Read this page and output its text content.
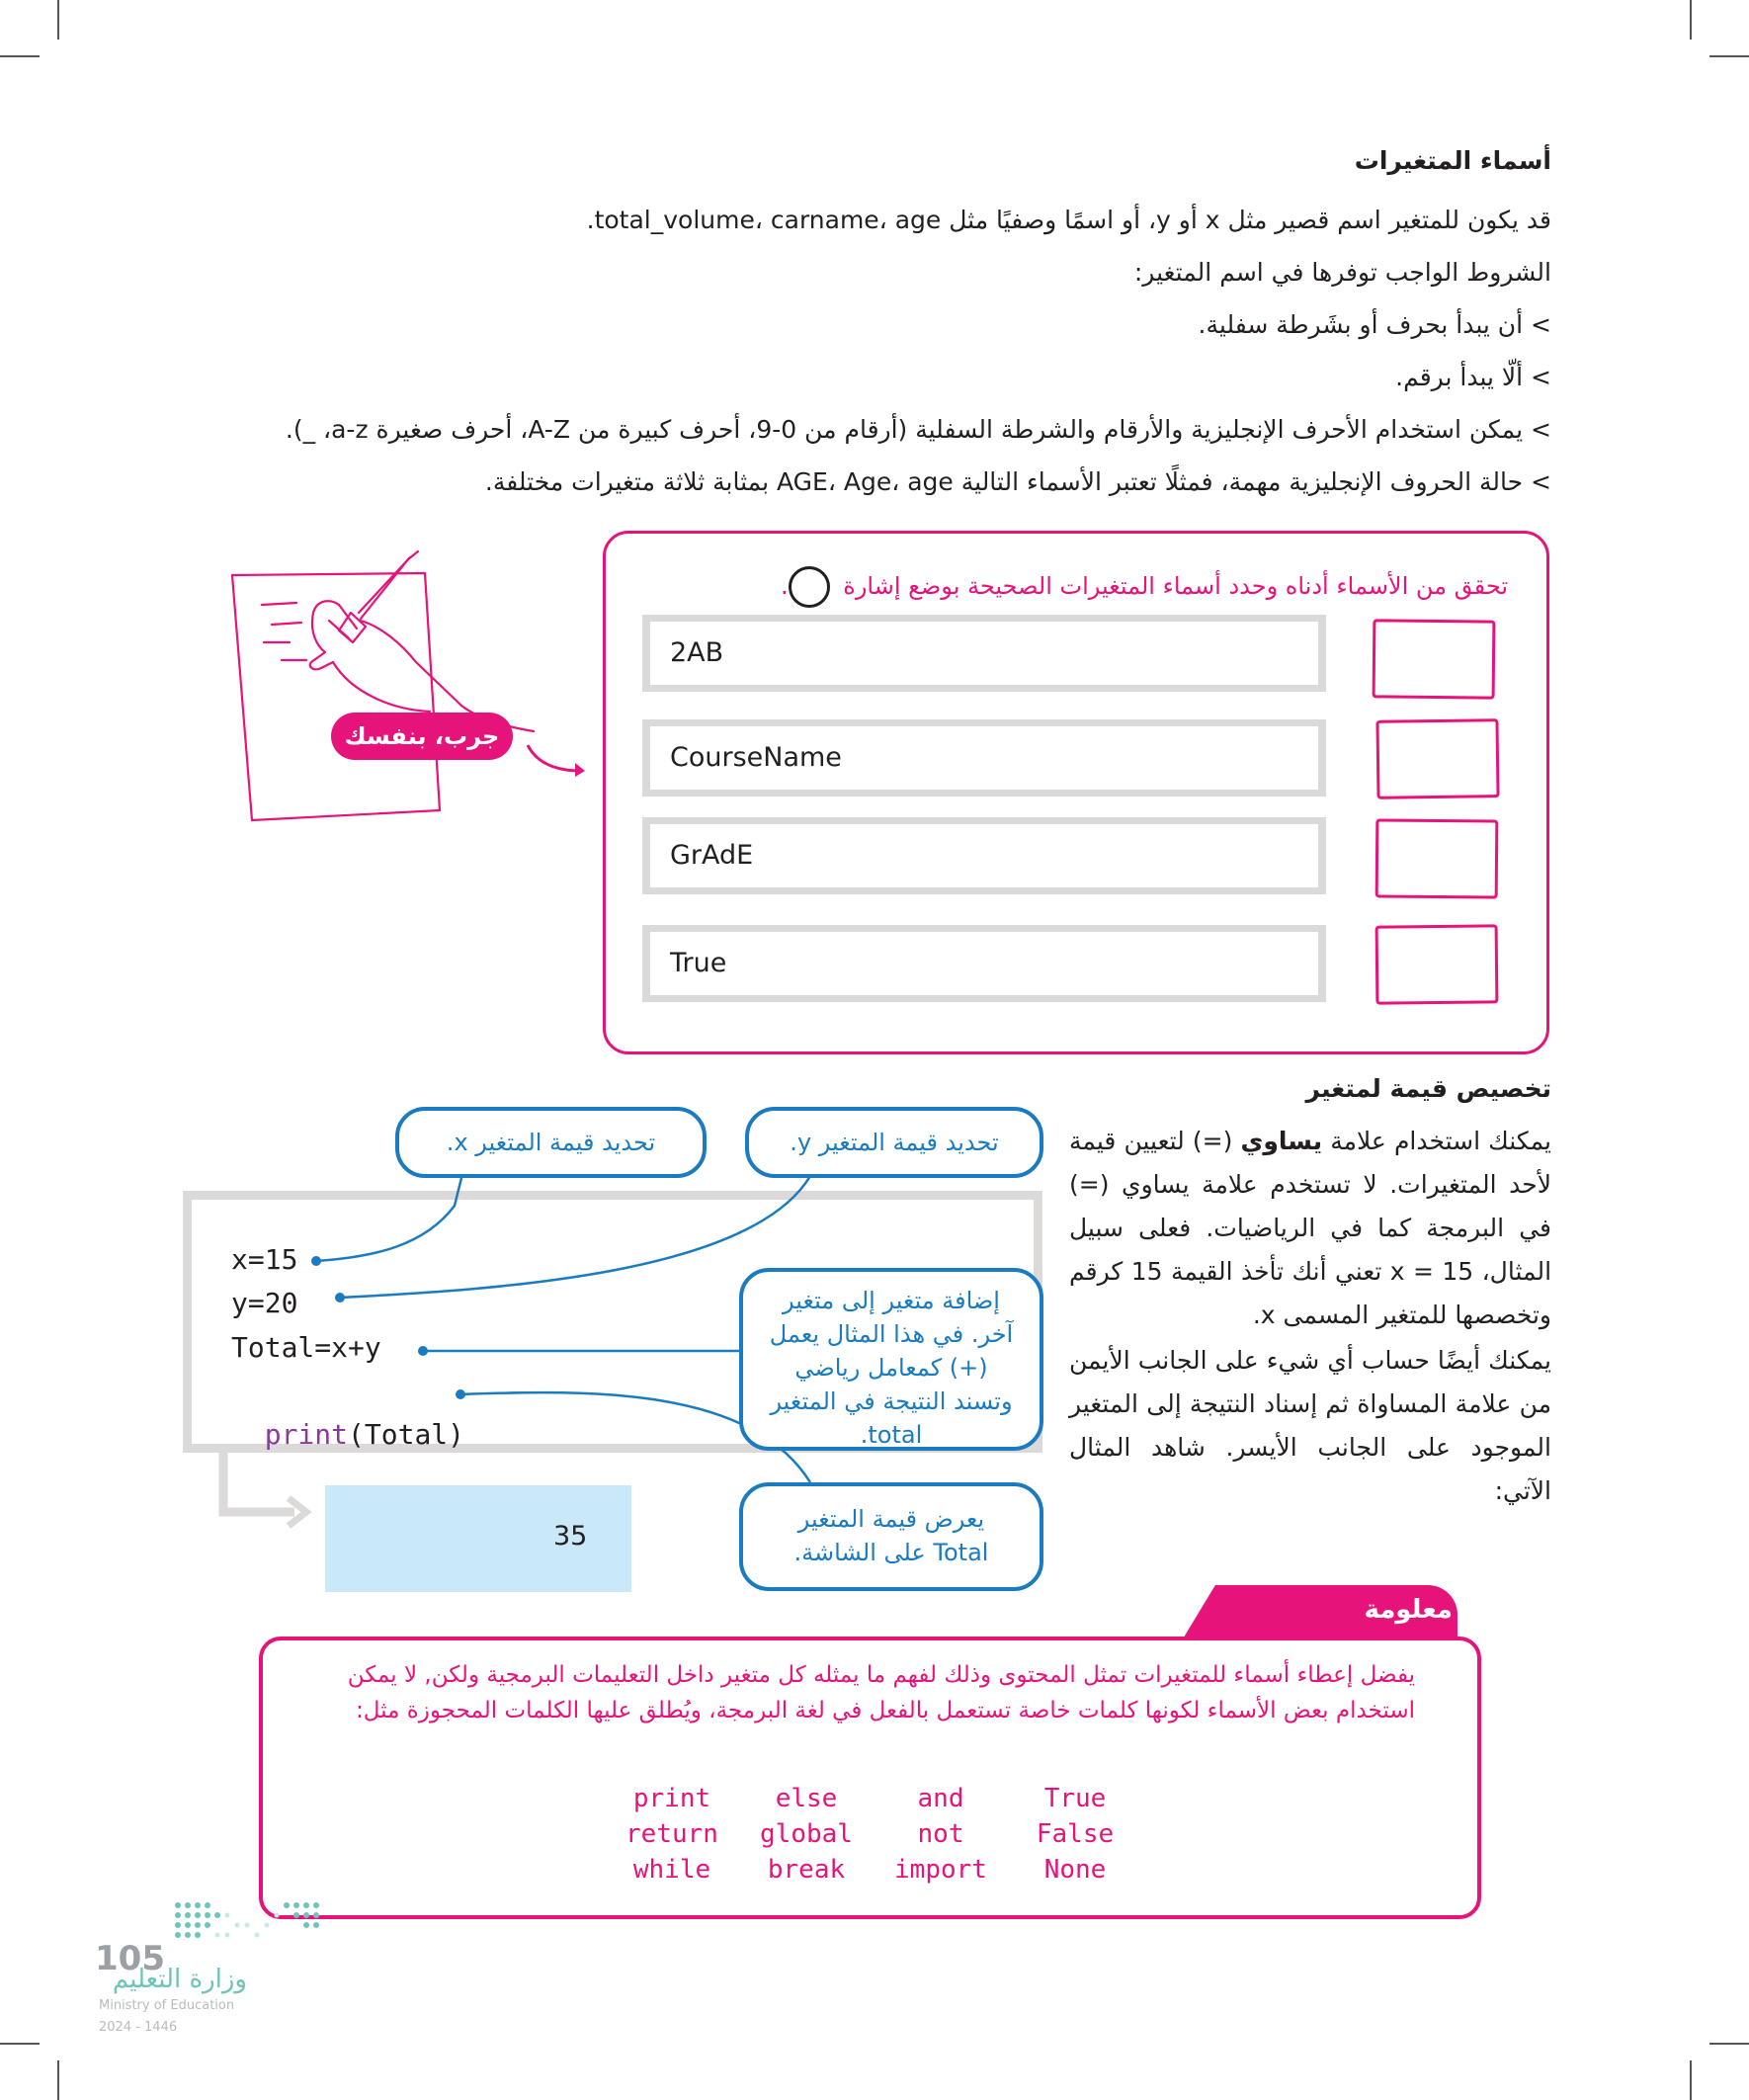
أسماء المتغيرات
قد يكون للمتغير اسم قصير مثل x أو y، أو اسمًا وصفيًا مثل total_volume، carname، age.
الشروط الواجب توفرها في اسم المتغير:
> أن يبدأ بحرف أو بشَرطة سفلية.
> ألّا يبدأ برقم.
> يمكن استخدام الأحرف الإنجليزية والأرقام والشرطة السفلية (أرقام من 0-9، أحرف كبيرة من A-Z، أحرف صغيرة a-z، _).
> حالة الحروف الإنجليزية مهمة، فمثلًا تعتبر الأسماء التالية AGE، Age، age بمثابة ثلاثة متغيرات مختلفة.
جرب، بنفسك
تحقق من الأسماء أدناه وحدد أسماء المتغيرات الصحيحة بوضع إشارة .
2AB
CourseName
GrAdE
True
تخصيص قيمة لمتغير
يمكنك استخدام علامة يساوي (=) لتعيين قيمة لأحد المتغيرات. لا تستخدم علامة يساوي (=) في البرمجة كما في الرياضيات. فعلى سبيل المثال، 15 = x تعني أنك تأخذ القيمة 15 كرقم وتخصصها للمتغير المسمى x.
يمكنك أيضًا حساب أي شيء على الجانب الأيمن من علامة المساواة ثم إسناد النتيجة إلى المتغير الموجود على الجانب الأيسر. شاهد المثال الآتي:
x=15
y=20
Total=x+y

print(Total)

35
تحديد قيمة المتغير x.	تحديد قيمة المتغير y.
إضافة متغير إلى متغير آخر. في هذا المثال يعمل (+) كمعامل رياضي وتسند النتيجة في المتغير total.
يعرض قيمة المتغير Total على الشاشة.
معلومة
يفضل إعطاء أسماء للمتغيرات تمثل المحتوى وذلك لفهم ما يمثله كل متغير داخل التعليمات البرمجية ولكن, لا يمكن
استخدام بعض الأسماء لكونها كلمات خاصة تستعمل بالفعل في لغة البرمجة، ويُطلق عليها الكلمات المحجوزة مثل:
print	else	and	True
return	global	not	False
while	break	import	None
105
وزارة التعليم
Ministry of Education
2024 - 1446
